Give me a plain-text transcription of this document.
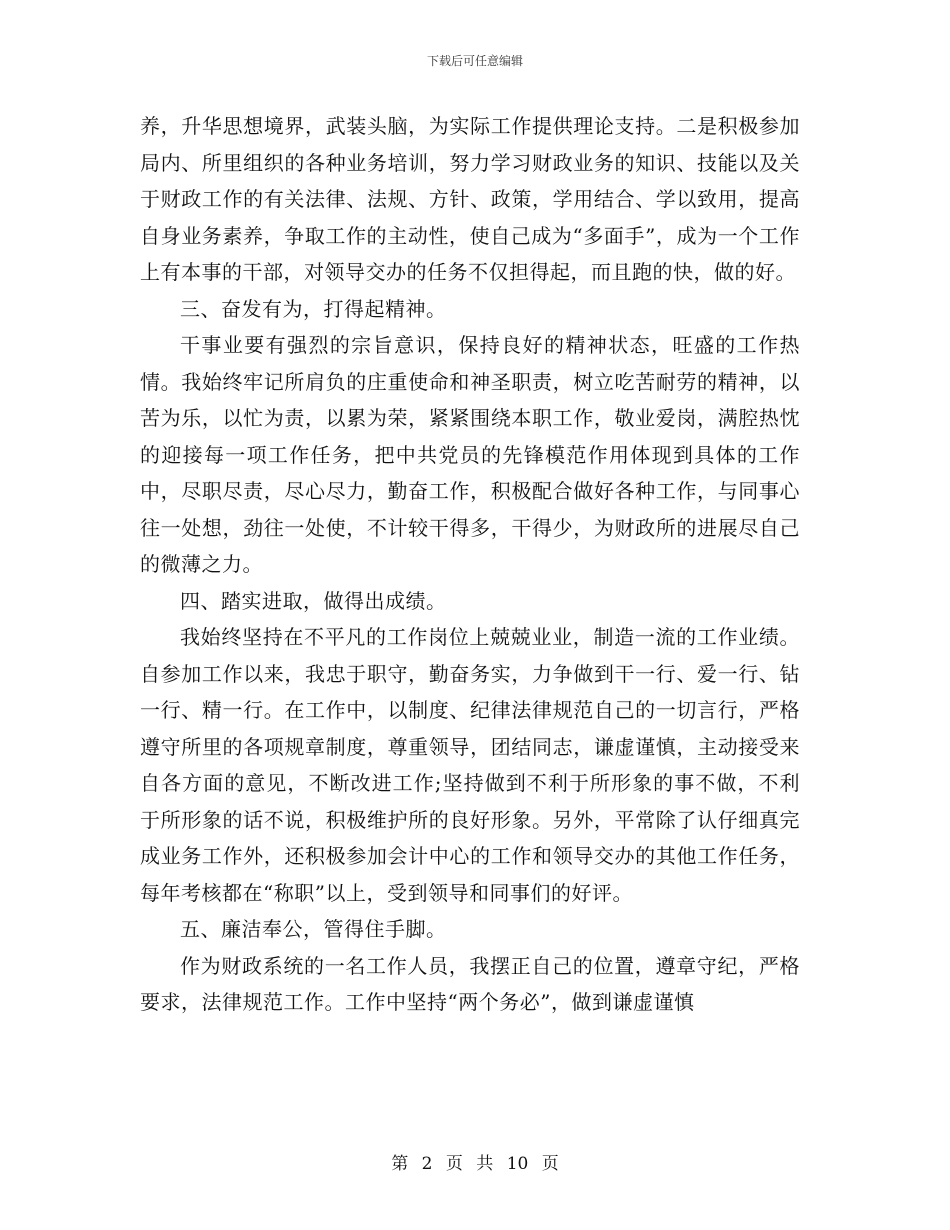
下载后可任意编辑

养，升华思想境界，武装头脑，为实际工作提供理论支持。二是积极参加局内、所里组织的各种业务培训，努力学习财政业务的知识、技能以及关于财政工作的有关法律、法规、方针、政策，学用结合、学以致用，提高自身业务素养，争取工作的主动性，使自己成为“多面手”，成为一个工作上有本事的干部，对领导交办的任务不仅担得起，而且跑的快，做的好。

三、奋发有为，打得起精神。

干事业要有强烈的宗旨意识，保持良好的精神状态，旺盛的工作热情。我始终牢记所肩负的庄重使命和神圣职责，树立吃苦耐劳的精神，以苦为乐，以忙为责，以累为荣，紧紧围绕本职工作，敬业爱岗，满腔热忱的迎接每一项工作任务，把中共党员的先锋模范作用体现到具体的工作中，尽职尽责，尽心尽力，勤奋工作，积极配合做好各种工作，与同事心往一处想，劲往一处使，不计较干得多，干得少，为财政所的进展尽自己的微薄之力。

四、踏实进取，做得出成绩。

我始终坚持在不平凡的工作岗位上兢兢业业，制造一流的工作业绩。自参加工作以来，我忠于职守，勤奋务实，力争做到干一行、爱一行、钻一行、精一行。在工作中，以制度、纪律法律规范自己的一切言行，严格遵守所里的各项规章制度，尊重领导，团结同志，谦虚谨慎，主动接受来自各方面的意见，不断改进工作;坚持做到不利于所形象的事不做，不利于所形象的话不说，积极维护所的良好形象。另外，平常除了认仔细真完成业务工作外，还积极参加会计中心的工作和领导交办的其他工作任务，每年考核都在“称职”以上，受到领导和同事们的好评。

五、廉洁奉公，管得住手脚。

作为财政系统的一名工作人员，我摆正自己的位置，遵章守纪，严格要求，法律规范工作。工作中坚持“两个务必”，做到谦虚谨慎

第 2 页 共 10 页
